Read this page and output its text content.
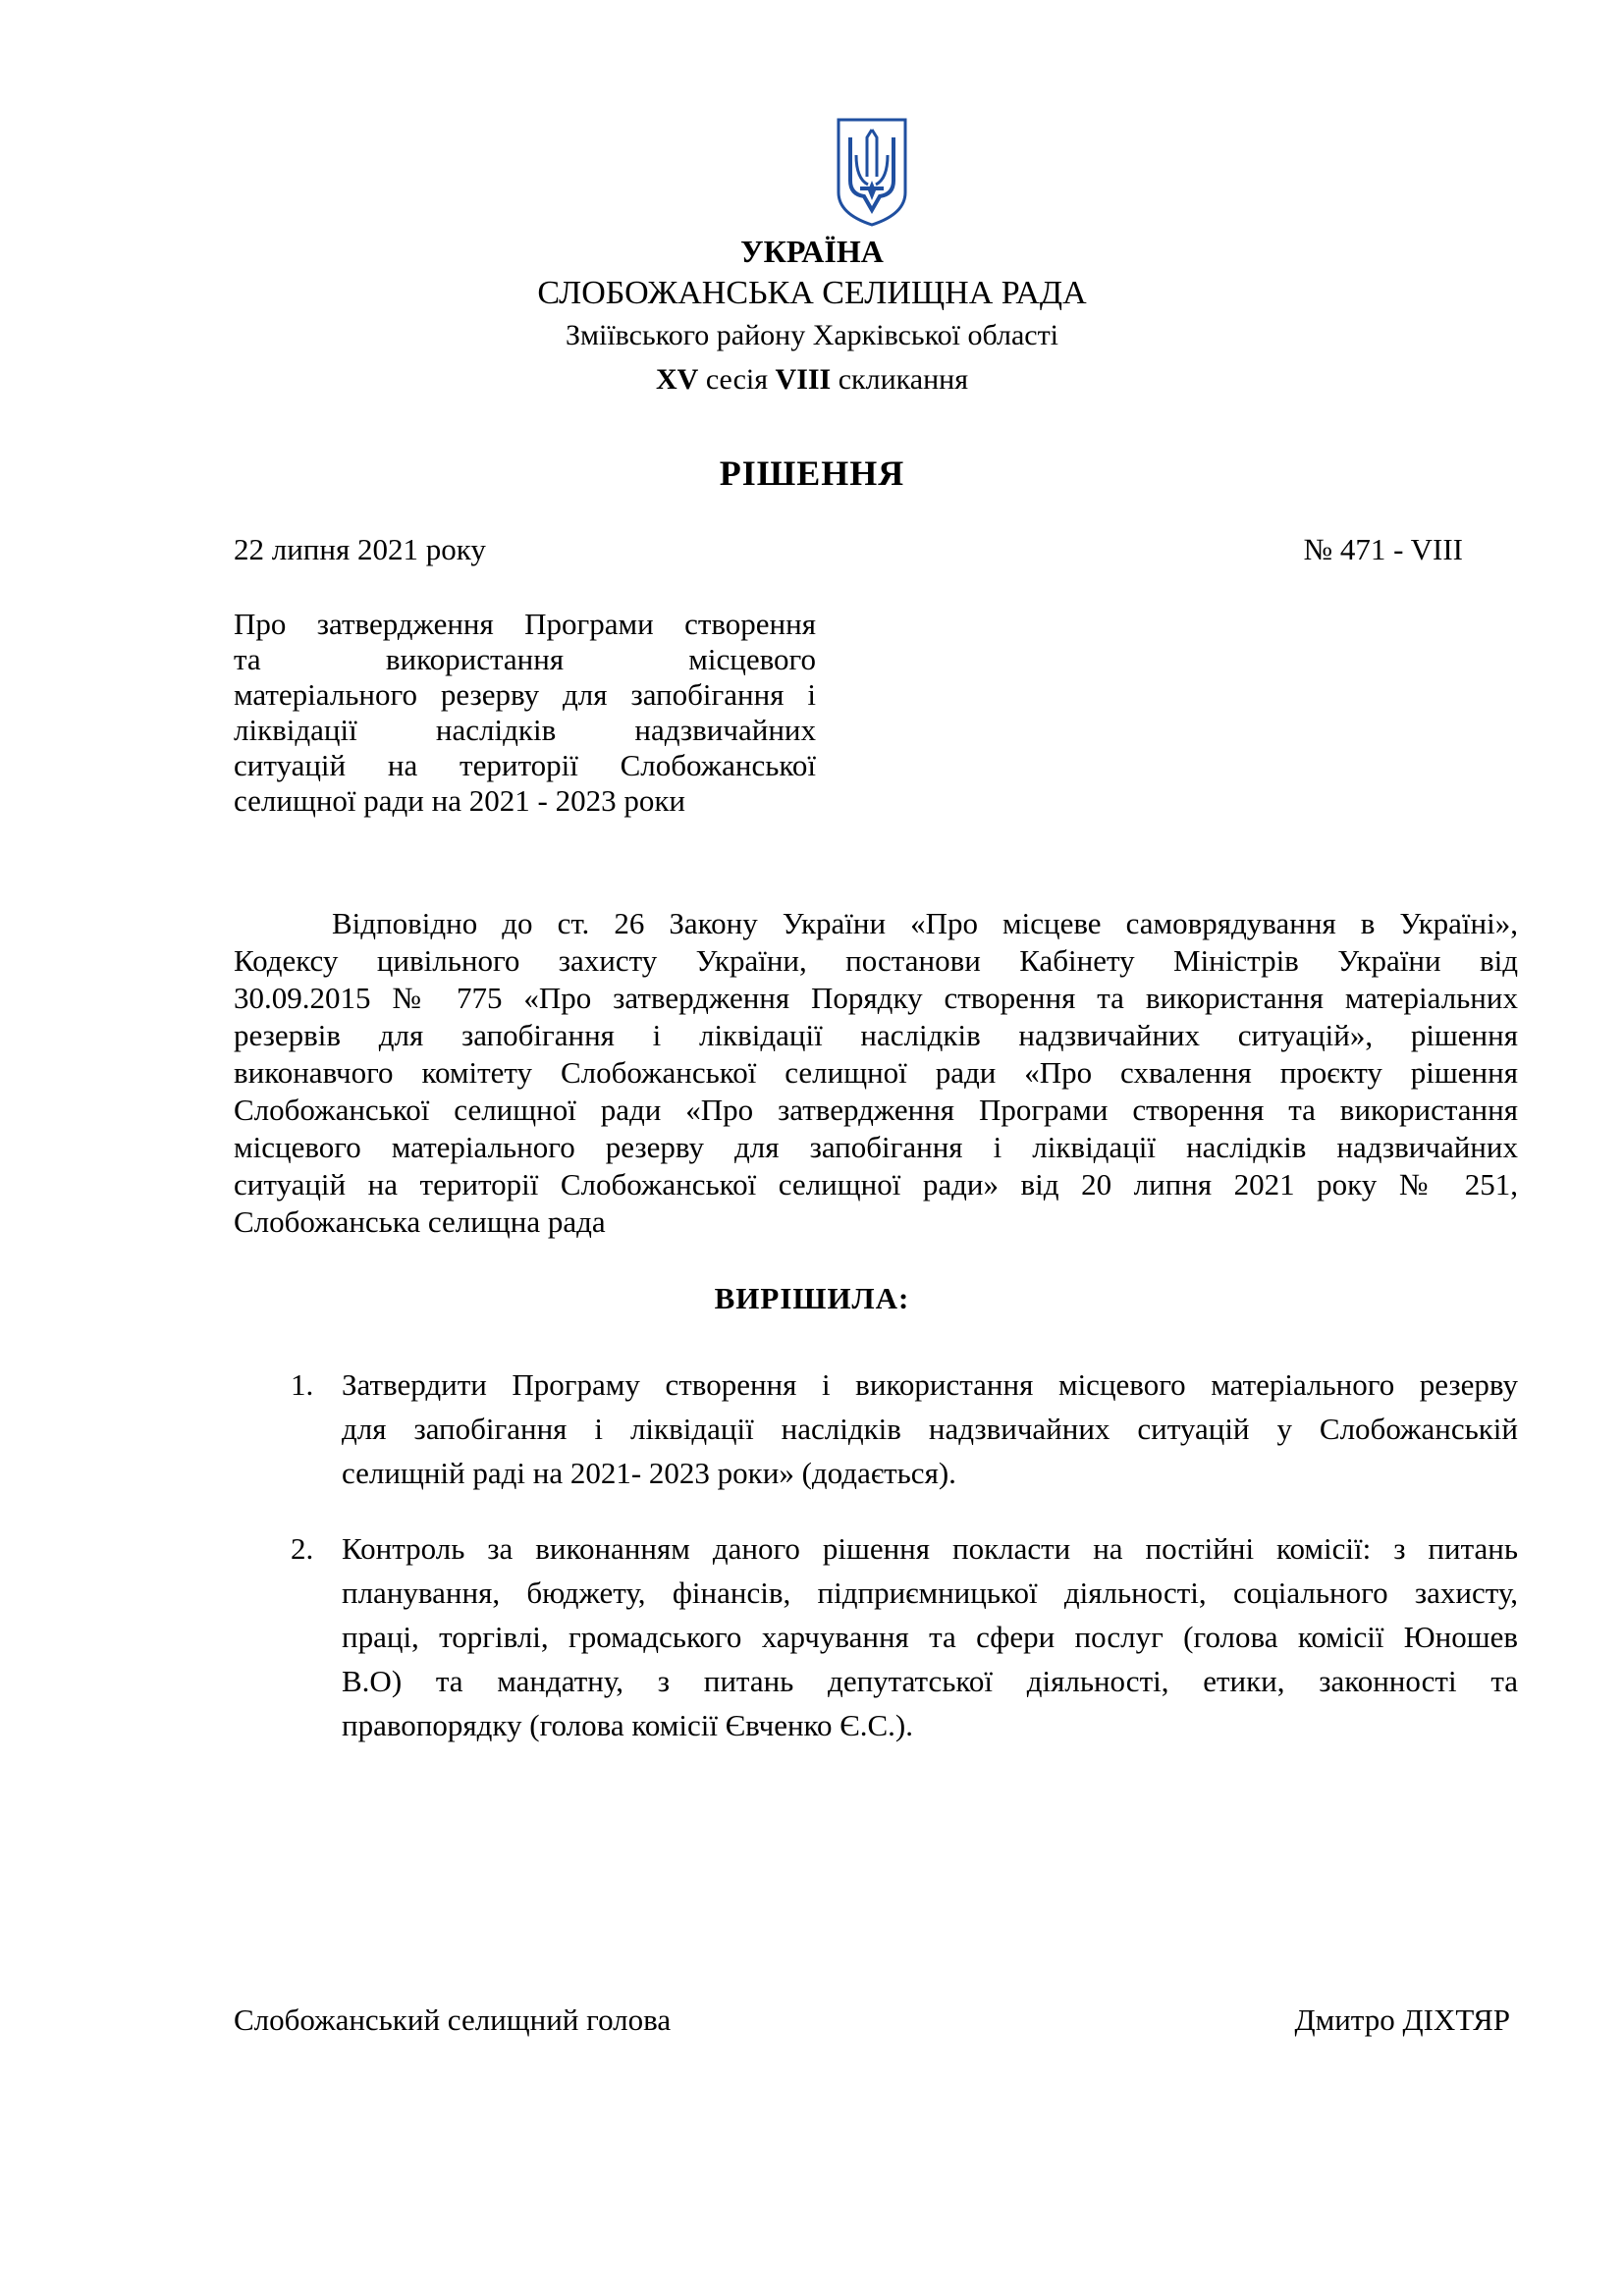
УКРАЇНА
СЛОБОЖАНСЬКА СЕЛИЩНА РАДА
Зміївського району Харківської області
XV сесія VIII скликання
РІШЕННЯ
22 липня 2021 року	№ 471 - VIII
Про затвердження Програми створення
та використання місцевого
матеріального резерву для запобігання і
ліквідації наслідків надзвичайних
ситуацій на території Слобожанської
селищної ради на 2021 - 2023 роки
Відповідно до ст. 26 Закону України «Про місцеве самоврядування в Україні»,
Кодексу цивільного захисту України, постанови Кабінету Міністрів України від
30.09.2015 № 775 «Про затвердження Порядку створення та використання матеріальних
резервів для запобігання і ліквідації наслідків надзвичайних ситуацій», рішення
виконавчого комітету Слобожанської селищної ради «Про схвалення проєкту рішення
Слобожанської селищної ради «Про затвердження Програми створення та використання
місцевого матеріального резерву для запобігання і ліквідації наслідків надзвичайних
ситуацій на території Слобожанської селищної ради» від 20 липня 2021 року № 251,
Слобожанська селищна рада
ВИРІШИЛА:
1. Затвердити Програму створення і використання місцевого матеріального резерву
для запобігання і ліквідації наслідків надзвичайних ситуацій у Слобожанській
селищній раді на 2021- 2023 роки» (додається).
2. Контроль за виконанням даного рішення покласти на постійні комісії: з питань
планування, бюджету, фінансів, підприємницької діяльності, соціального захисту,
праці, торгівлі, громадського харчування та сфери послуг (голова комісії Юношев
В.О) та мандатну, з питань депутатської діяльності, етики, законності та
правопорядку (голова комісії Євченко Є.С.).
Слобожанський селищний голова	Дмитро ДІХТЯР
